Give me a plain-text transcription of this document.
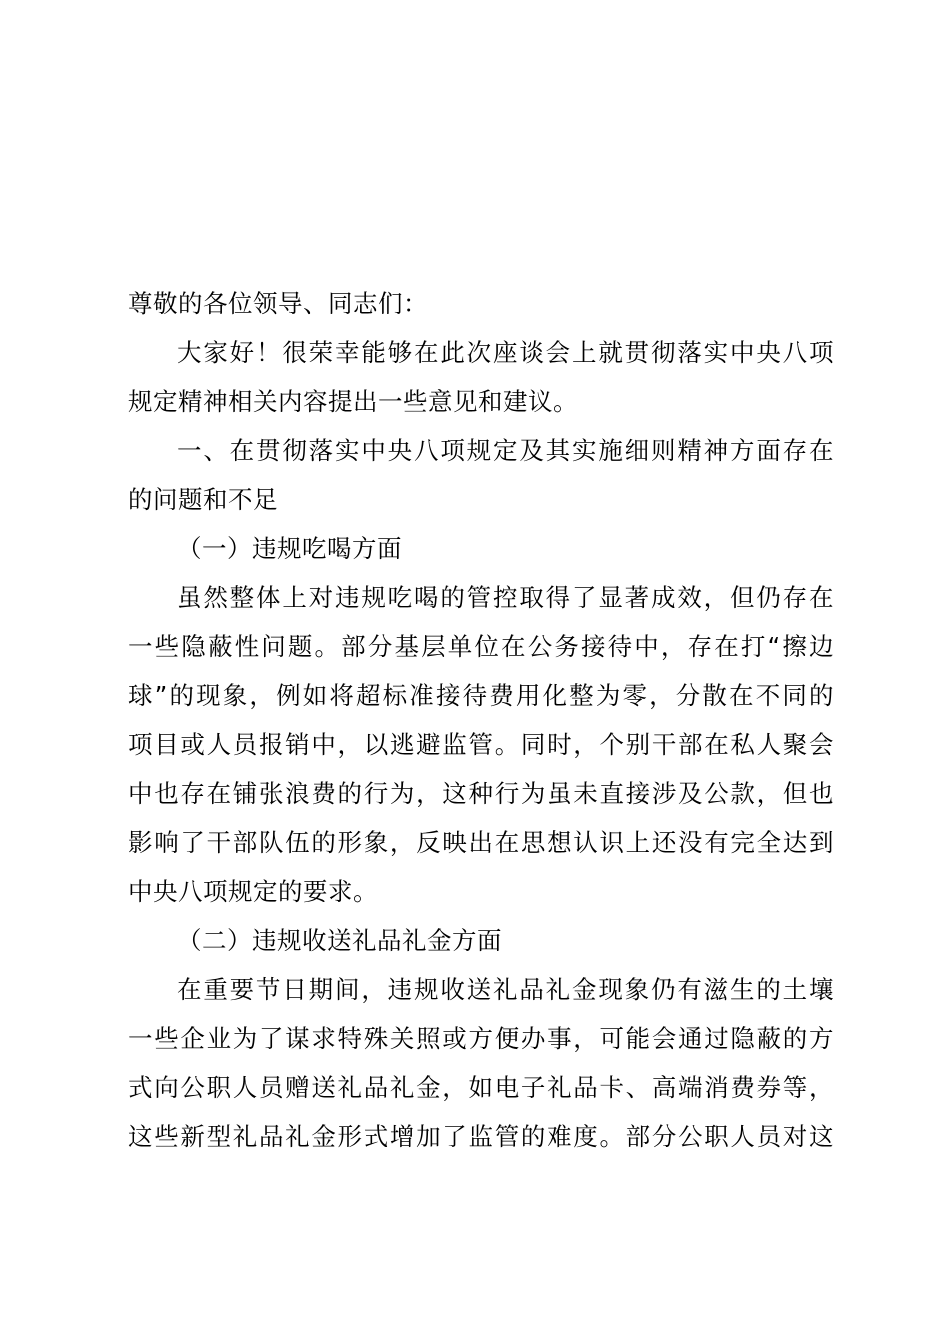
尊敬的各位领导、同志们：
大家好！很荣幸能够在此次座谈会上就贯彻落实中央八项
规定精神相关内容提出一些意见和建议。
一、在贯彻落实中央八项规定及其实施细则精神方面存在
的问题和不足
（一）违规吃喝方面
虽然整体上对违规吃喝的管控取得了显著成效，但仍存在
一些隐蔽性问题。部分基层单位在公务接待中，存在打“擦边
球”的现象，例如将超标准接待费用化整为零，分散在不同的
项目或人员报销中，以逃避监管。同时，个别干部在私人聚会
中也存在铺张浪费的行为，这种行为虽未直接涉及公款，但也
影响了干部队伍的形象，反映出在思想认识上还没有完全达到
中央八项规定的要求。
（二）违规收送礼品礼金方面
在重要节日期间，违规收送礼品礼金现象仍有滋生的土壤
一些企业为了谋求特殊关照或方便办事，可能会通过隐蔽的方
式向公职人员赠送礼品礼金，如电子礼品卡、高端消费券等，
这些新型礼品礼金形式增加了监管的难度。部分公职人员对这
